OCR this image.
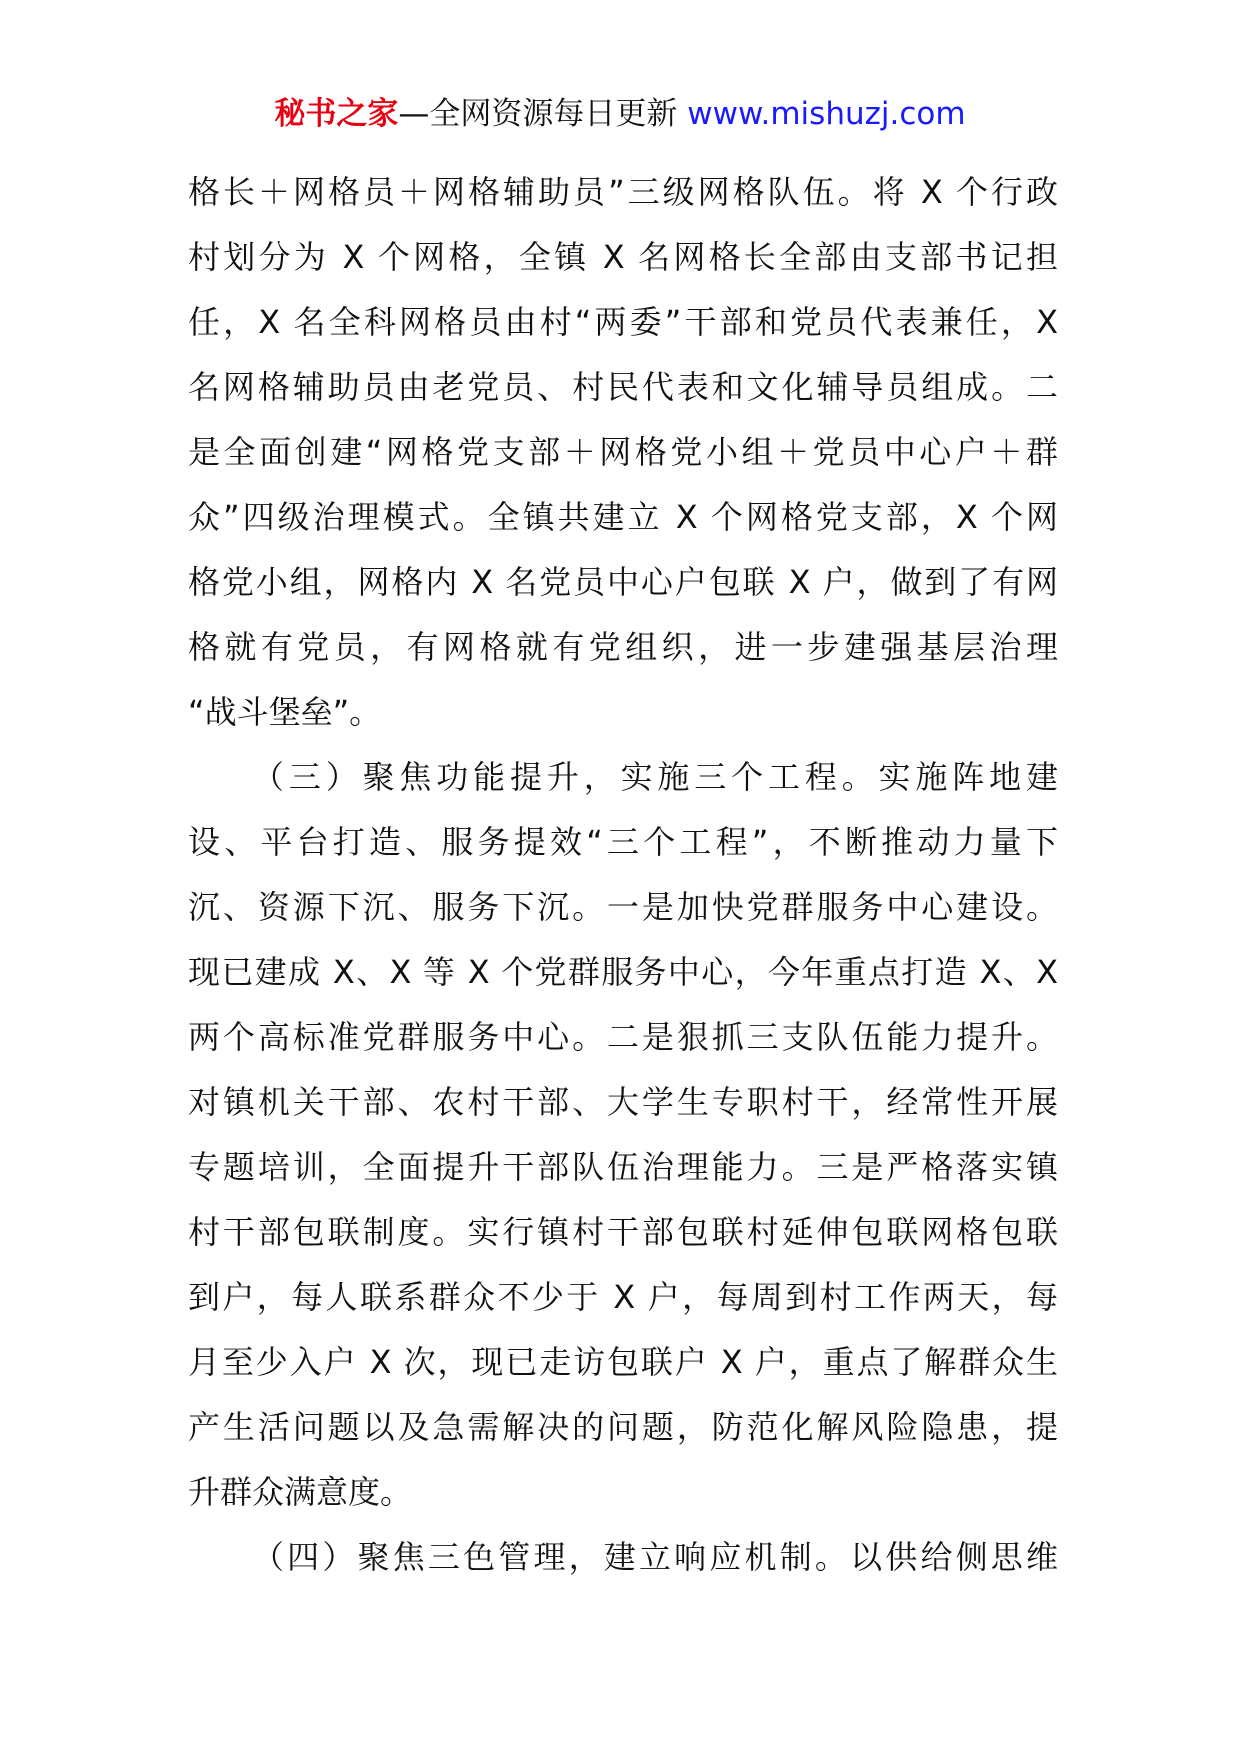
秘书之家—全网资源每日更新 www.mishuzj.com
格长＋网格员＋网格辅助员”三级网格队伍。将 X 个行政
村划分为 X 个网格，全镇 X 名网格长全部由支部书记担
任，X 名全科网格员由村“两委”干部和党员代表兼任，X
名网格辅助员由老党员、村民代表和文化辅导员组成。二
是全面创建“网格党支部＋网格党小组＋党员中心户＋群
众”四级治理模式。全镇共建立 X 个网格党支部，X 个网
格党小组，网格内 X 名党员中心户包联 X 户，做到了有网
格就有党员，有网格就有党组织，进一步建强基层治理
“战斗堡垒”。
（三）聚焦功能提升，实施三个工程。实施阵地建
设、平台打造、服务提效“三个工程”，不断推动力量下
沉、资源下沉、服务下沉。一是加快党群服务中心建设。
现已建成 X、X 等 X 个党群服务中心，今年重点打造 X、X
两个高标准党群服务中心。二是狠抓三支队伍能力提升。
对镇机关干部、农村干部、大学生专职村干，经常性开展
专题培训，全面提升干部队伍治理能力。三是严格落实镇
村干部包联制度。实行镇村干部包联村延伸包联网格包联
到户，每人联系群众不少于 X 户，每周到村工作两天，每
月至少入户 X 次，现已走访包联户 X 户，重点了解群众生
产生活问题以及急需解决的问题，防范化解风险隐患，提
升群众满意度。
（四）聚焦三色管理，建立响应机制。以供给侧思维
